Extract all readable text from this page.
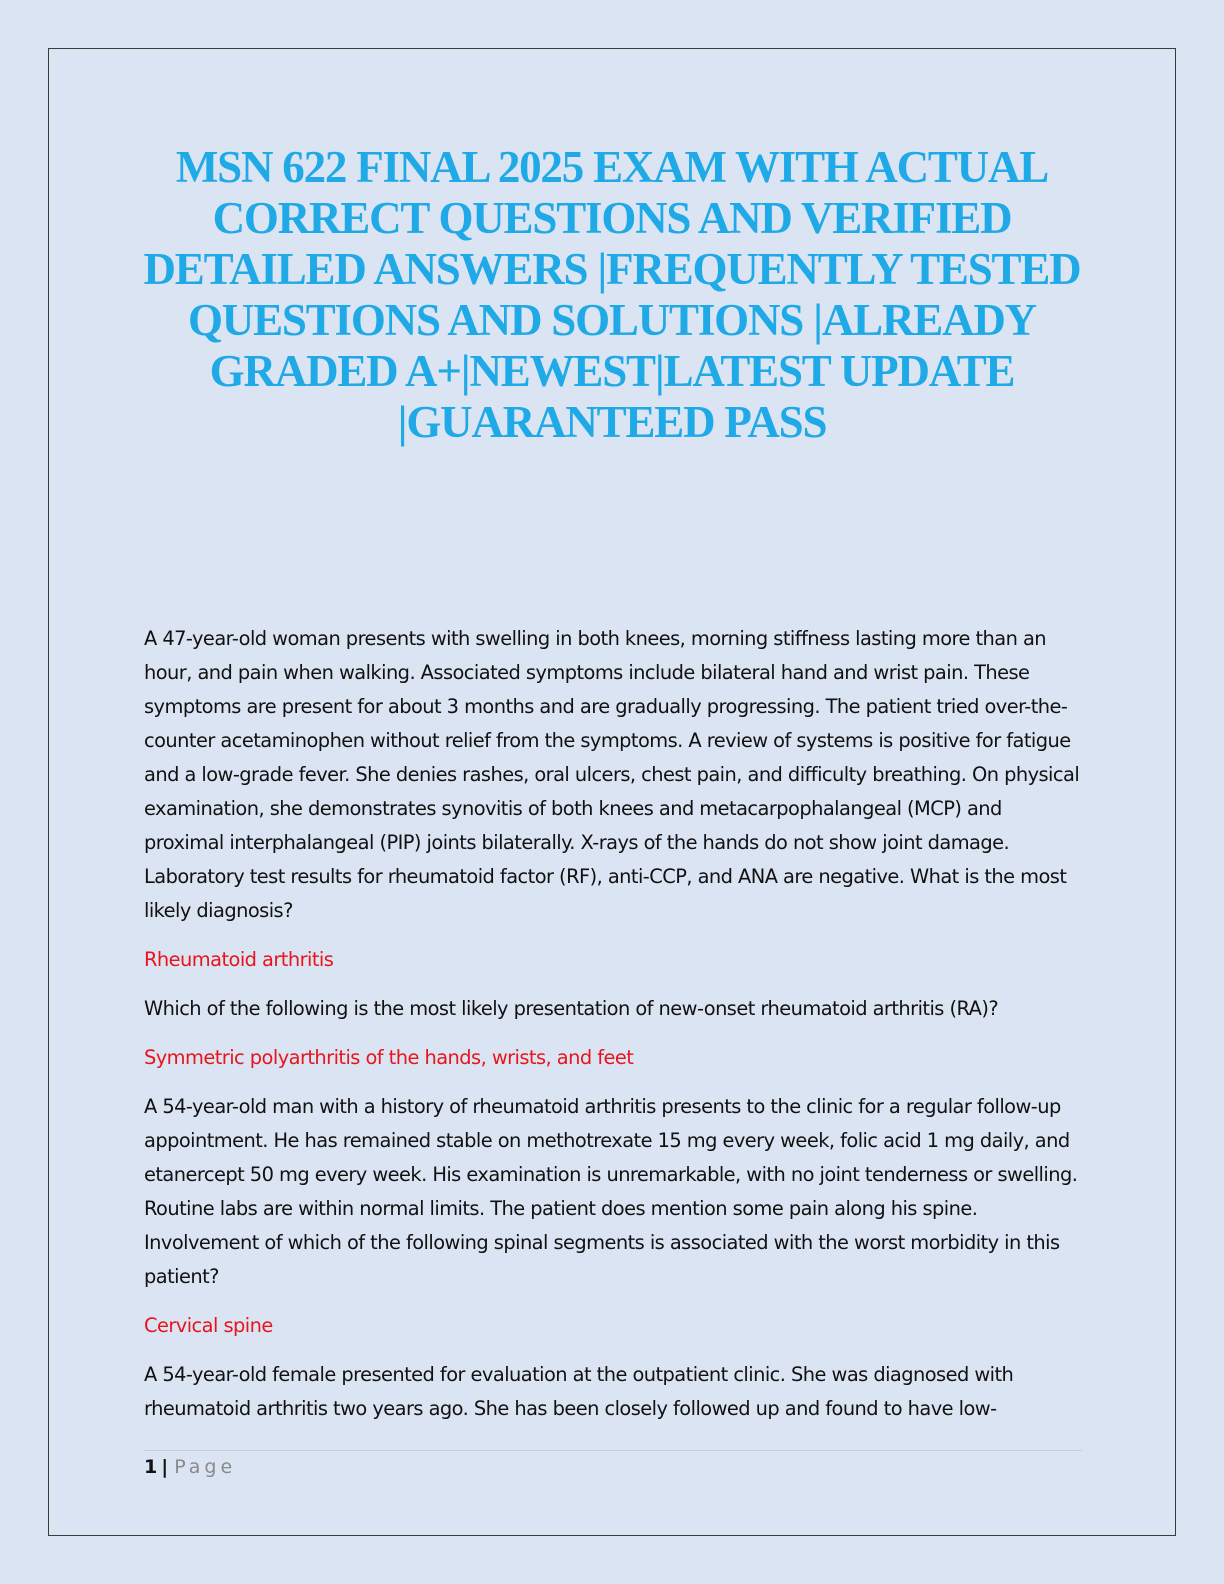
MSN 622 FINAL 2025 EXAM WITH ACTUAL CORRECT QUESTIONS AND VERIFIED DETAILED ANSWERS |FREQUENTLY TESTED QUESTIONS AND SOLUTIONS |ALREADY GRADED A+|NEWEST|LATEST UPDATE |GUARANTEED PASS

A 47-year-old woman presents with swelling in both knees, morning stiffness lasting more than an hour, and pain when walking. Associated symptoms include bilateral hand and wrist pain. These symptoms are present for about 3 months and are gradually progressing. The patient tried over-the-counter acetaminophen without relief from the symptoms. A review of systems is positive for fatigue and a low-grade fever. She denies rashes, oral ulcers, chest pain, and difficulty breathing. On physical examination, she demonstrates synovitis of both knees and metacarpophalangeal (MCP) and proximal interphalangeal (PIP) joints bilaterally. X-rays of the hands do not show joint damage. Laboratory test results for rheumatoid factor (RF), anti-CCP, and ANA are negative. What is the most likely diagnosis?

Rheumatoid arthritis

Which of the following is the most likely presentation of new-onset rheumatoid arthritis (RA)?

Symmetric polyarthritis of the hands, wrists, and feet

A 54-year-old man with a history of rheumatoid arthritis presents to the clinic for a regular follow-up appointment. He has remained stable on methotrexate 15 mg every week, folic acid 1 mg daily, and etanercept 50 mg every week. His examination is unremarkable, with no joint tenderness or swelling. Routine labs are within normal limits. The patient does mention some pain along his spine. Involvement of which of the following spinal segments is associated with the worst morbidity in this patient?

Cervical spine

A 54-year-old female presented for evaluation at the outpatient clinic. She was diagnosed with rheumatoid arthritis two years ago. She has been closely followed up and found to have low-

1 | Page
